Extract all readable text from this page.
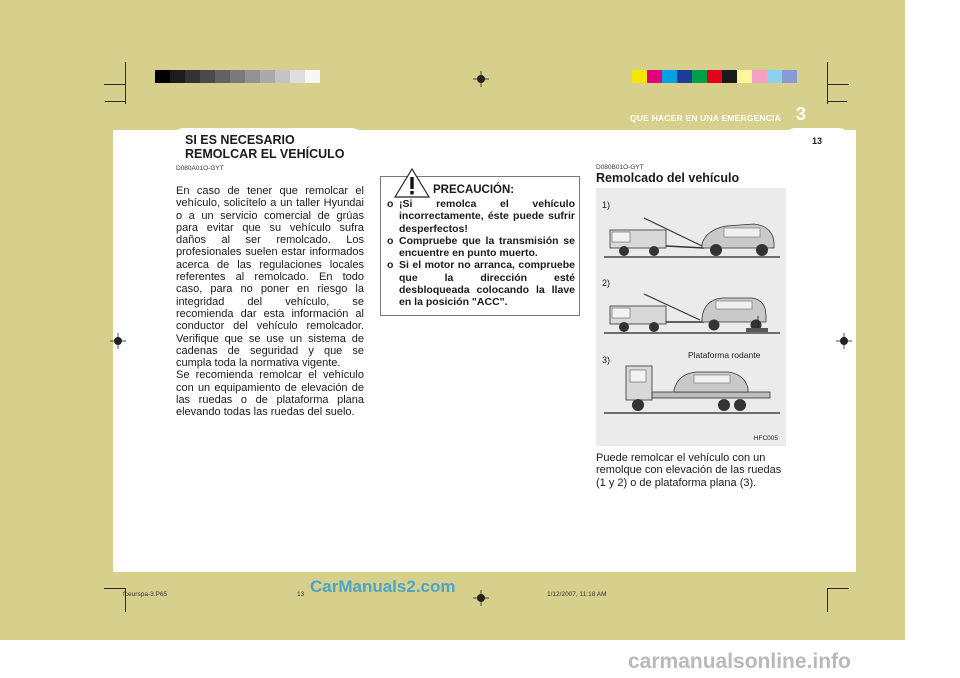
QUE HACER EN UNA EMERGENCIA 3
13
SI ES NECESARIO
REMOLCAR EL VEHÍCULO
D080A01O-GYT

En caso de tener que remolcar el vehículo, solicítelo a un taller Hyundai o a un servicio comercial de grúas para evitar que su vehículo sufra daños al ser remolcado. Los profesionales suelen estar informados acerca de las regulaciones locales referentes al remolcado. En todo caso, para no poner en riesgo la integridad del vehículo, se recomienda dar esta información al conductor del vehículo remolcador. Verifique que se use un sistema de cadenas de seguridad y que se cumpla toda la normativa vigente.

Se recomienda remolcar el vehículo con un equipamiento de elevación de las ruedas o de plataforma plana elevando todas las ruedas del suelo.

PRECAUCIÓN:
o ¡Si remolca el vehículo incorrectamente, éste puede sufrir desperfectos!
o Compruebe que la transmisión se encuentre en punto muerto.
o Si el motor no arranca, compruebe que la dirección esté desbloqueada colocando la llave en la posición "ACC".
D080B01O-GYT
Remolcado del vehículo
1)
2)
3)	Plataforma rodante
HFC005
Puede remolcar el vehículo con un remolque con elevación de las ruedas (1 y 2) o de plataforma plana (3).
fceurspa-3.P65	13	1/12/2007, 11:18 AM
CarManuals2.com
carmanualsonline.info
